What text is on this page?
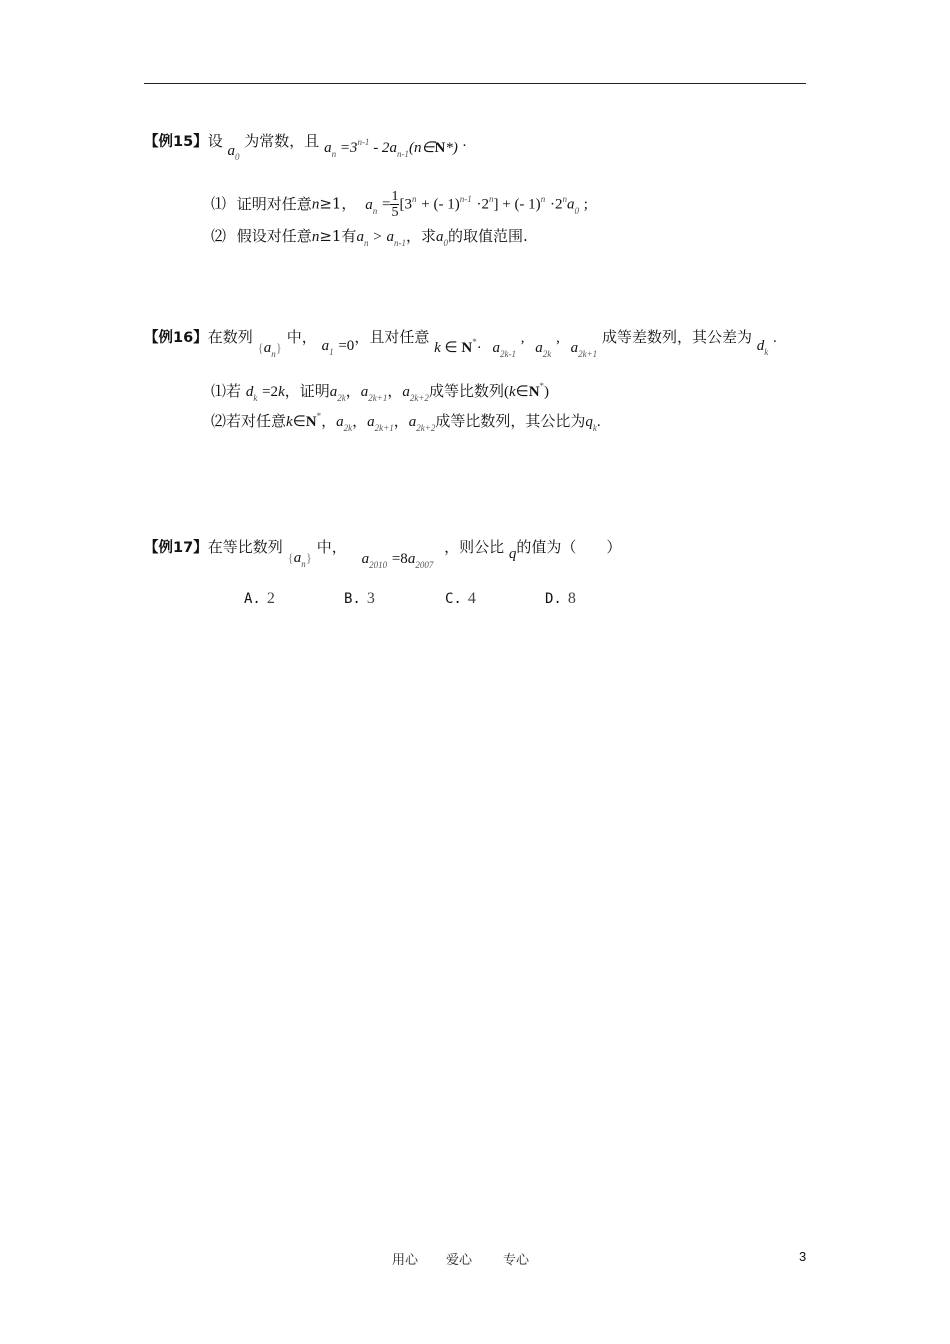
【例15】设 $a_0$ 为常数，且 $a_n =3^{n-1}$ - $2a_{n-1}(n\in N*)$ .
⑴ 证明对任意n≥1， $a_n = \frac{1}{5} [3^n$ + (- $1)^{n-1} \cdot 2^n$] + (- $1)^n \cdot 2^na_0$ ;
⑵ 假设对任意n≥1有$a_n > a_{n-1}$，求$a_0$的取值范围.
【例16】在数列 $\{a_n\}$ 中， $a_1 =0$，且对任意 k ∈ $N^*\cdot a_{2k-1}$ , $a_{2k}$ , $a_{2k+1}$ 成等差数列，其公差为 $d_k$ .
⑴若 $d_k =2k$，证明$a_{2k}$，$a_{2k+1}$，$a_{2k+2}$成等比数列(k∈N*)
⑵若对任意k∈N*，$a_{2k}$，$a_{2k+1}$，$a_{2k+2}$成等比数列，其公比为$q_k$.
【例17】在等比数列 $\{a_n\}$ 中， $a_{2010} =8a_{2007}$ ，则公比 q的值为（　　）
A. 2	B. 3	C. 4	D. 8
用心 爱心 专心	3
